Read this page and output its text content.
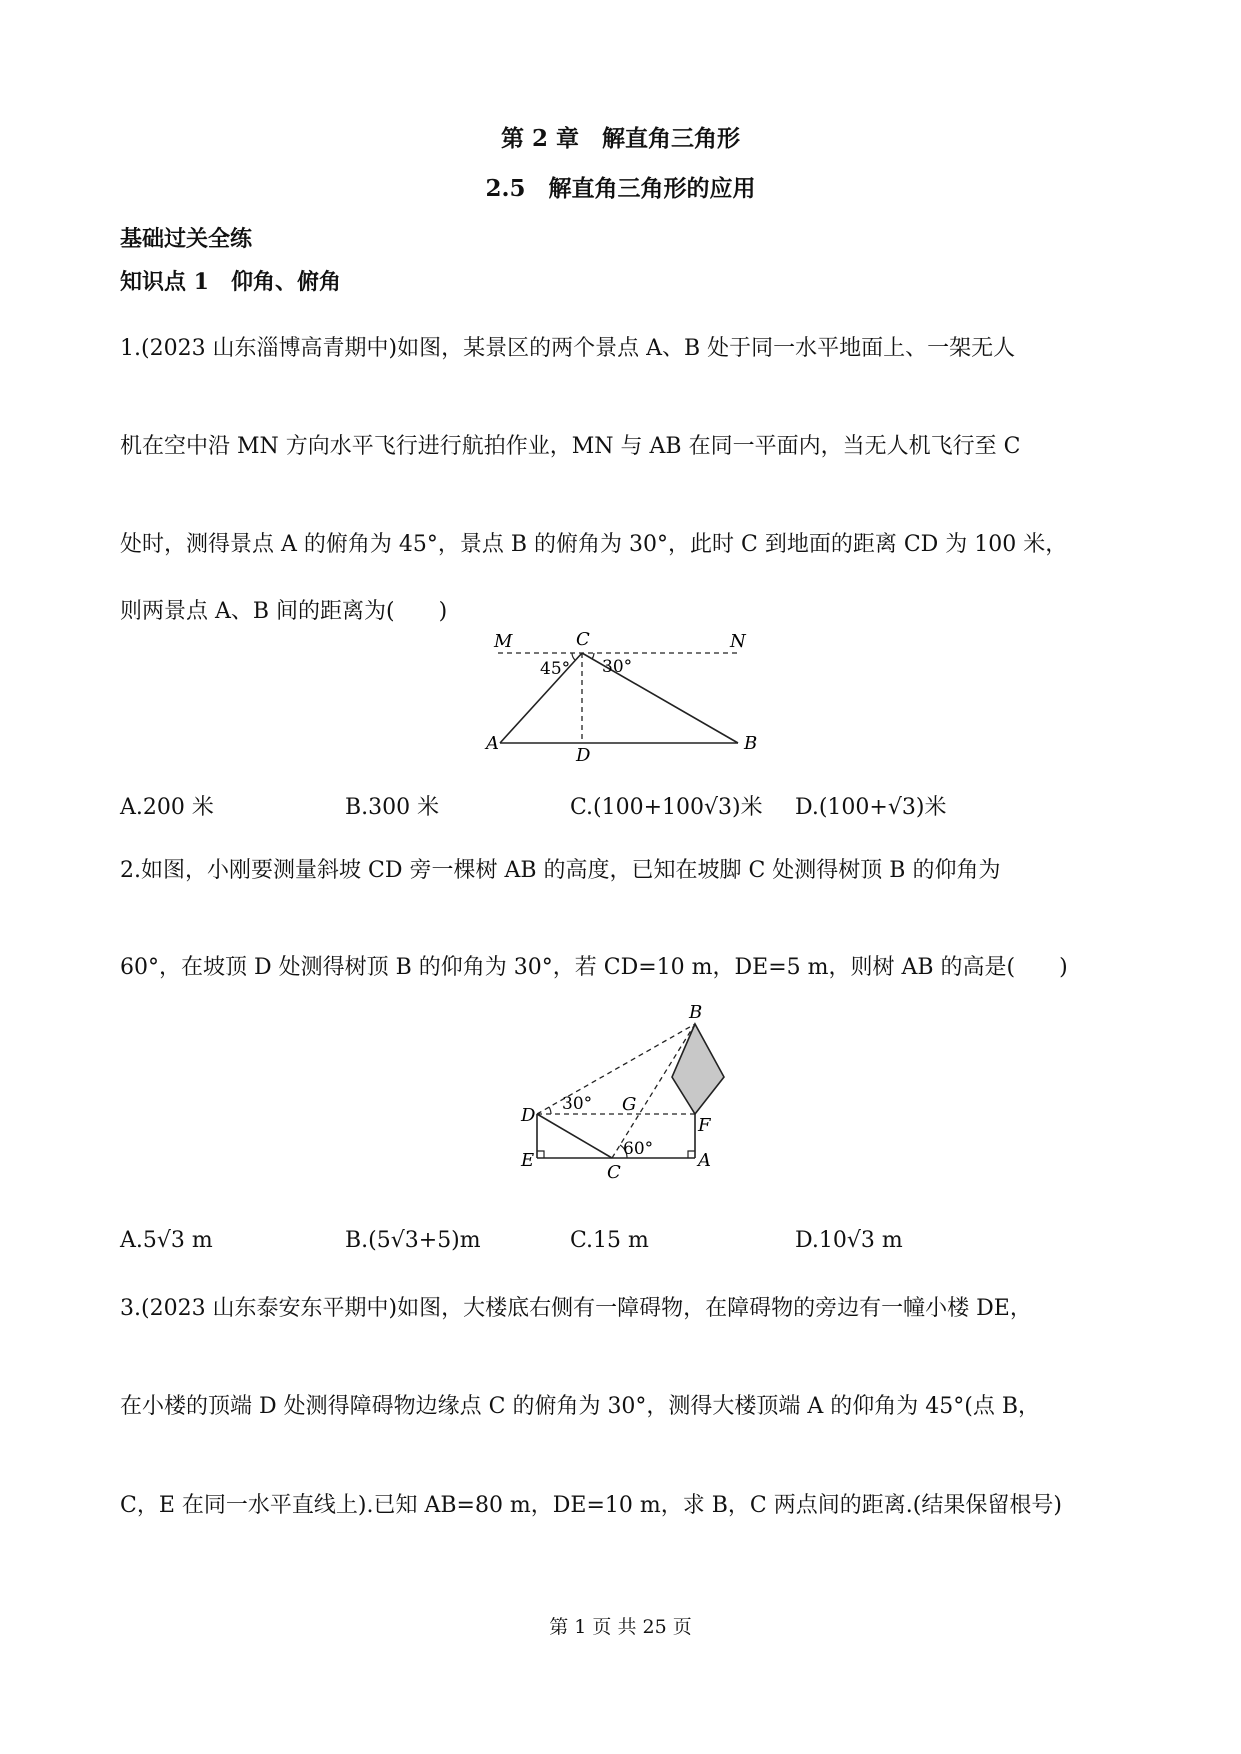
第 2 章　解直角三角形
2.5　解直角三角形的应用
基础过关全练
知识点 1　仰角、俯角
1.(2023 山东淄博高青期中)如图，某景区的两个景点 A、B 处于同一水平地面上、一架无人
机在空中沿 MN 方向水平飞行进行航拍作业，MN 与 AB 在同一平面内，当无人机飞行至 C
处时，测得景点 A 的俯角为 45°，景点 B 的俯角为 30°，此时 C 到地面的距离 CD 为 100 米，
则两景点 A、B 间的距离为(　　)
M	C	N
45° 30°
A
D
B
A.200 米	B.300 米	C.(100+100√3)米 D.(100+√3)米
2.如图，小刚要测量斜坡 CD 旁一棵树 AB 的高度，已知在坡脚 C 处测得树顶 B 的仰角为
60°，在坡顶 D 处测得树顶 B 的仰角为 30°，若 CD=10 m，DE=5 m，则树 AB 的高是(　　)
B
30° G
D	F
60°
E
C
A
A.5√3 m	B.(5√3+5)m	C.15 m	D.10√3 m
3.(2023 山东泰安东平期中)如图，大楼底右侧有一障碍物，在障碍物的旁边有一幢小楼 DE，
在小楼的顶端 D 处测得障碍物边缘点 C 的俯角为 30°，测得大楼顶端 A 的仰角为 45°(点 B，
C，E 在同一水平直线上).已知 AB=80 m，DE=10 m，求 B，C 两点间的距离.(结果保留根号)
第 1 页 共 25 页
